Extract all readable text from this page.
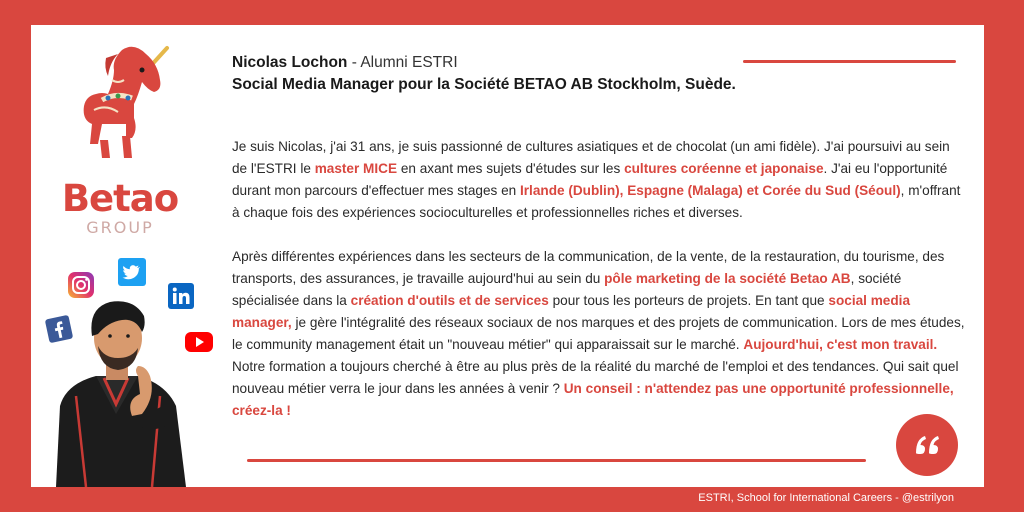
Betao
GROUP
Nicolas Lochon - Alumni ESTRI
Social Media Manager pour la Société BETAO AB Stockholm, Suède.

Je suis Nicolas, j'ai 31 ans, je suis passionné de cultures asiatiques et de chocolat (un ami fidèle). J'ai poursuivi au sein de l'ESTRI le master MICE en axant mes sujets d'études sur les cultures coréenne et japonaise. J'ai eu l'opportunité durant mon parcours d'effectuer mes stages en Irlande (Dublin), Espagne (Malaga) et Corée du Sud (Séoul), m'offrant à chaque fois des expériences socioculturelles et professionnelles riches et diverses.

Après différentes expériences dans les secteurs de la communication, de la vente, de la restauration, du tourisme, des transports, des assurances, je travaille aujourd'hui au sein du pôle marketing de la société Betao AB, société spécialisée dans la création d'outils et de services pour tous les porteurs de projets. En tant que social media manager, je gère l'intégralité des réseaux sociaux de nos marques et des projets de communication. Lors de mes études, le community management était un "nouveau métier" qui apparaissait sur le marché. Aujourd'hui, c'est mon travail. Notre formation a toujours cherché à être au plus près de la réalité du marché de l'emploi et des tendances. Qui sait quel nouveau métier verra le jour dans les années à venir ? Un conseil : n'attendez pas une opportunité professionnelle, créez-la !

ESTRI, School for International Careers - @estrilyon
